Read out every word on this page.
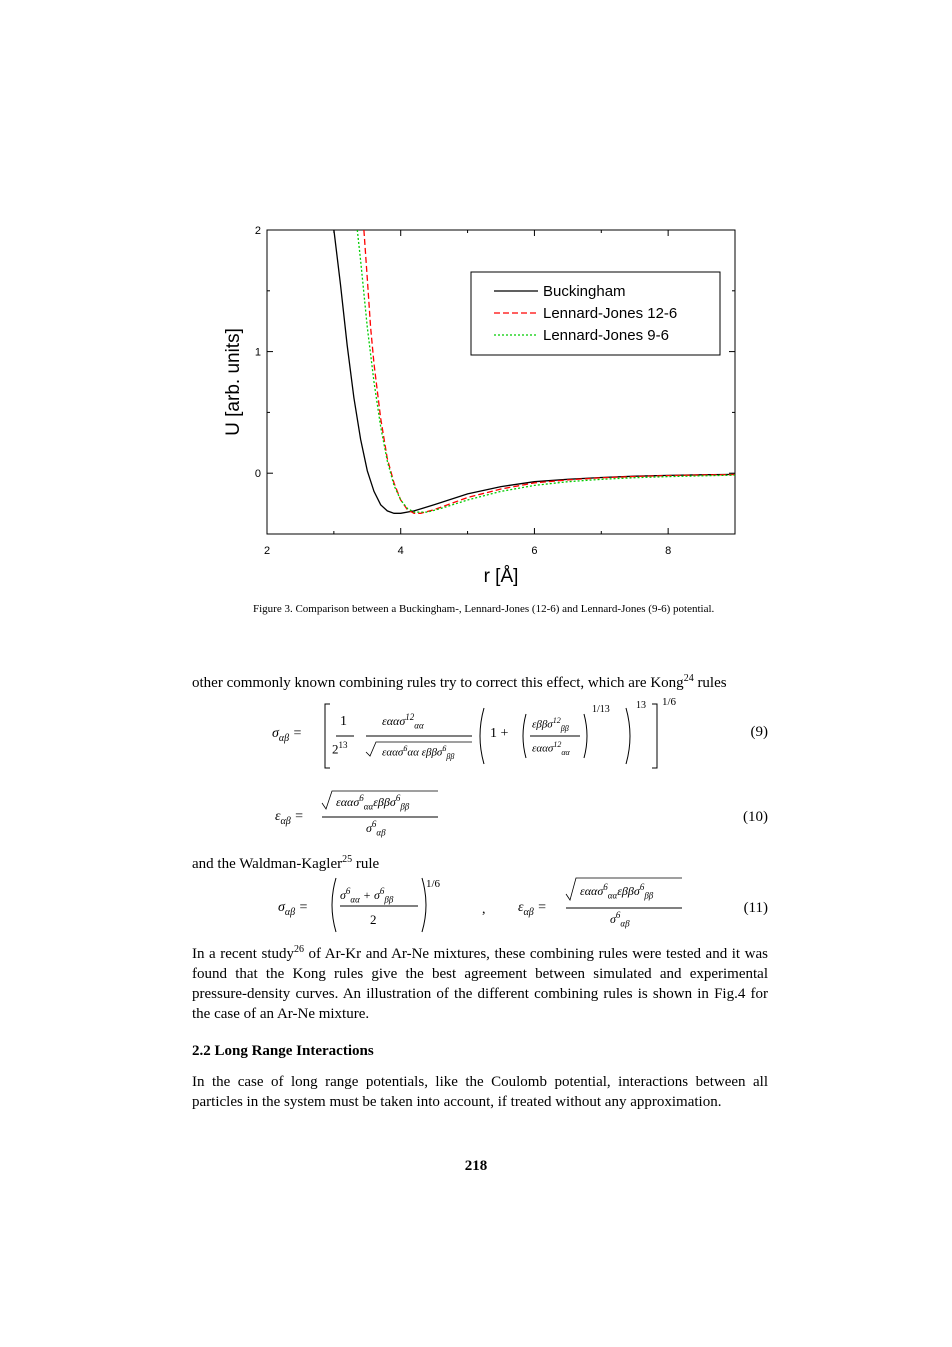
2	4	6	8
0
1
2
r [Å]
U [arb. units]
Buckingham
Lennard-Jones 12-6
Lennard-Jones 9-6
Figure 3. Comparison between a Buckingham-, Lennard-Jones (12-6) and Lennard-Jones (9-6) potential.
other commonly known combining rules try to correct this effect, which are Kong$^{24}$ rules
$\sigma_{\alpha\beta}$ =
1
$2^{13}$
εαασ$^{12}_{\alpha\alpha}$
εαασ$^6$αα εββσ$^6_{\beta\beta}$
1 +
εββσ$^{12}_{\beta\beta}$
εαασ$^{12}_{\alpha\alpha}$
1/13	13 1/6
(9)
$\varepsilon_{\alpha\beta}$ =
εαασ$^6_{\alpha\alpha}$εββσ$^6_{\beta\beta}$
$\sigma^6_{\alpha\beta}$
(10)
and the Waldman-Kagler$^{25}$ rule
$\sigma_{\alpha\beta}$ =
$\sigma^6_{\alpha\alpha} + \sigma^6_{\beta\beta}$
2
1/6
, $\varepsilon_{\alpha\beta}$ =
εαασ$^6_{\alpha\alpha}$εββσ$^6_{\beta\beta}$
$\sigma^6_{\alpha\beta}$
(11)
In a recent study$^{26}$ of Ar-Kr and Ar-Ne mixtures, these combining rules were tested and it was found that the Kong rules give the best agreement between simulated and experimental pressure-density curves. An illustration of the different combining rules is shown in Fig.4 for the case of an Ar-Ne mixture.
2.2 Long Range Interactions
In the case of long range potentials, like the Coulomb potential, interactions between all particles in the system must be taken into account, if treated without any approximation.
218
